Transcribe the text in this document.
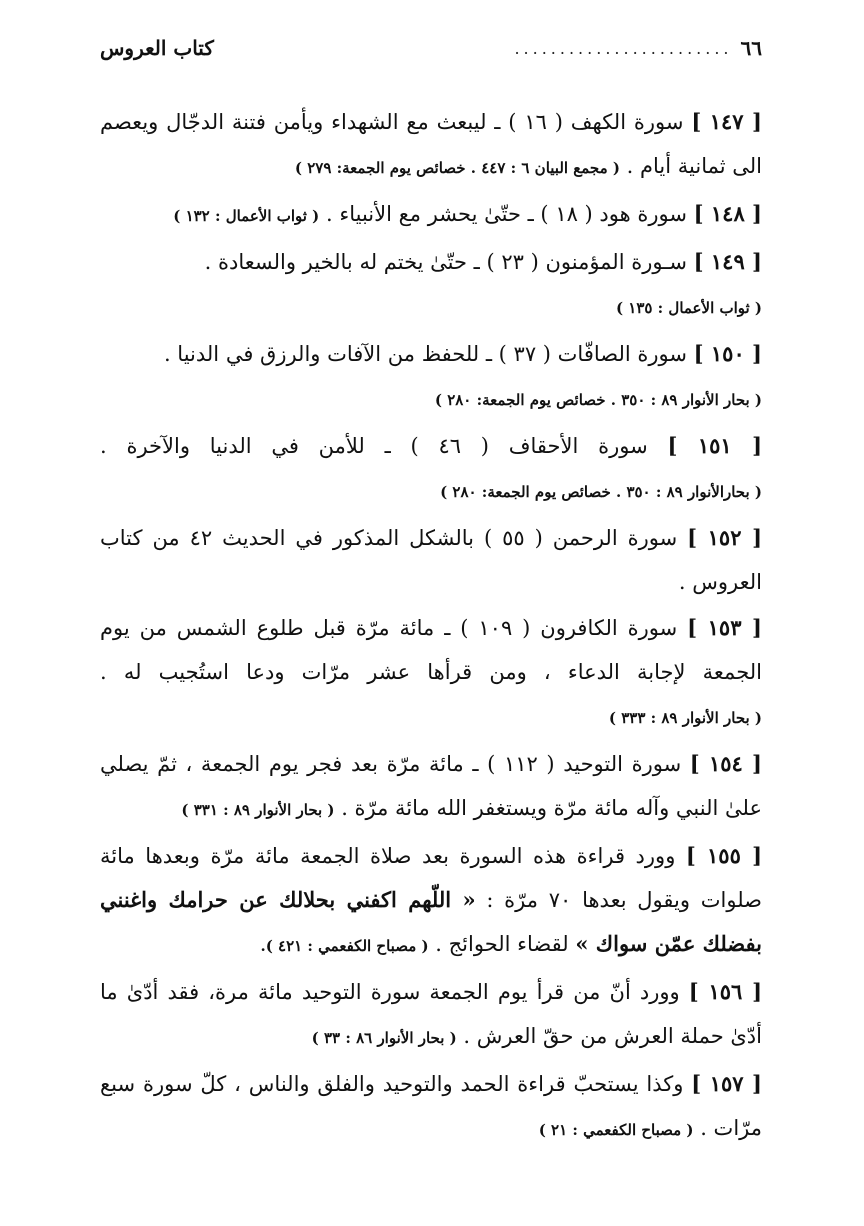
٦٦
........................
كتاب العروس

[ ١٤٧ ] سورة الكهف ( ١٦ ) ـ ليبعث مع الشهداء ويأمن فتنة الدجّال ويعصم الى ثمانية أيام . ( مجمع البيان ٦ : ٤٤٧ . خصائص يوم الجمعة: ٢٧٩ )

[ ١٤٨ ] سورة هود ( ١٨ ) ـ حتّىٰ يحشر مع الأنبياء . ( ثواب الأعمال : ١٣٢ )

[ ١٤٩ ] سـورة المؤمنون ( ٢٣ ) ـ حتّىٰ يختم له بالخير والسعادة .
( ثواب الأعمال : ١٣٥ )

[ ١٥٠ ] سورة الصافّات ( ٣٧ ) ـ للحفظ من الآفات والرزق في الدنيا .
( بحار الأنوار ٨٩ : ٣٥٠ . خصائص يوم الجمعة: ٢٨٠ )

[ ١٥١ ] سورة الأحقاف ( ٤٦ ) ـ للأمن في الدنيا والآخرة . ( بحارالأنوار ٨٩ : ٣٥٠ . خصائص يوم الجمعة: ٢٨٠ )

[ ١٥٢ ] سورة الرحمن ( ٥٥ ) بالشكل المذكور في الحديث ٤٢ من كتاب العروس .

[ ١٥٣ ] سورة الكافرون ( ١٠٩ ) ـ مائة مرّة قبل طلوع الشمس من يوم الجمعة لإجابة الدعاء ، ومن قرأها عشر مرّات ودعا استُجيب له . ( بحار الأنوار ٨٩ : ٣٣٣ )

[ ١٥٤ ] سورة التوحيد ( ١١٢ ) ـ مائة مرّة بعد فجر يوم الجمعة ، ثمّ يصلي علىٰ النبي وآله مائة مرّة ويستغفر الله مائة مرّة . ( بحار الأنوار ٨٩ : ٣٣١ )

[ ١٥٥ ] وورد قراءة هذه السورة بعد صلاة الجمعة مائة مرّة وبعدها مائة صلوات ويقول بعدها ٧٠ مرّة : « اللّهم اكفني بحلالك عن حرامك واغنني بفضلك عمّن سواك » لقضاء الحوائج . ( مصباح الكفعمي : ٤٢١ ).

[ ١٥٦ ] وورد أنّ من قرأ يوم الجمعة سورة التوحيد مائة مرة، فقد أدّىٰ ما أدّىٰ حملة العرش من حقّ العرش . ( بحار الأنوار ٨٦ : ٣٣ )

[ ١٥٧ ] وكذا يستحبّ قراءة الحمد والتوحيد والفلق والناس ، كلّ سورة سبع مرّات . ( مصباح الكفعمي : ٢١ )
